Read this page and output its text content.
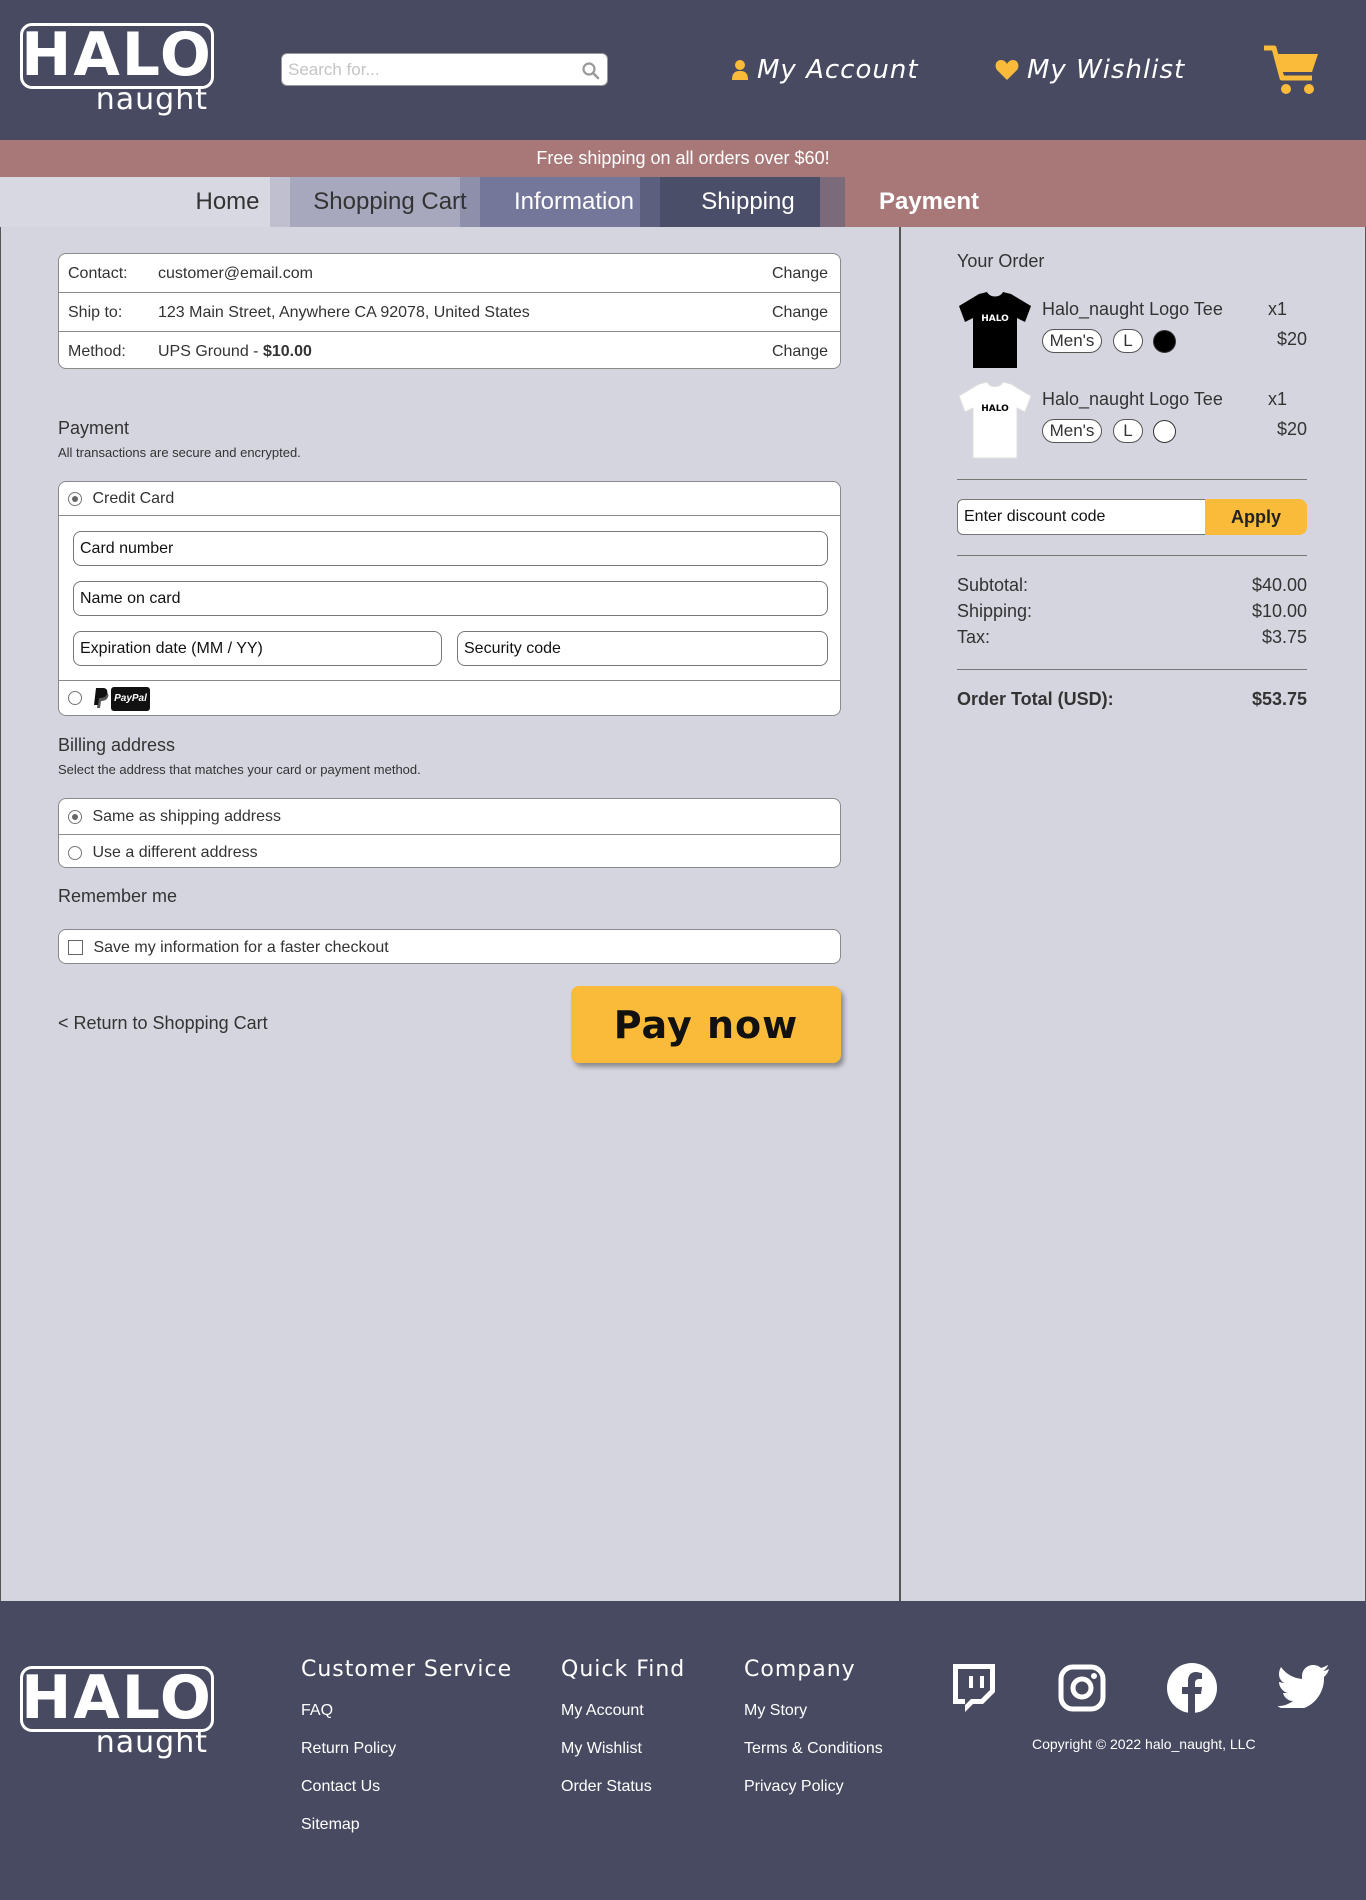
HALO
naught
Search for...
My Account	My Wishlist
Free shipping on all orders over $60!
Home	Shopping Cart	Information	Shipping	Payment
Contact: customer@email.com	Change
Ship to: 123 Main Street, Anywhere CA 92078, United States	Change
Method: UPS Ground - $10.00	Change
Payment
All transactions are secure and encrypted.
Credit Card
Card number
Name on card
Expiration date (MM / YY)
Security code
PayPal
Billing address
Select the address that matches your card or payment method.
Same as shipping address
Use a different address
Remember me
Save my information for a faster checkout
< Return to Shopping Cart	Pay now
Your Order
HALO Halo_naught Logo Tee	x1
$20
Men's	L
HALO Halo_naught Logo Tee	x1
$20
Men's	L
Enter discount code
Apply
Subtotal:	$40.00
Shipping:	$10.00
Tax:	$3.75
Order Total (USD):	$53.75
HALO
naught
Customer Service
FAQ
Return Policy
Contact Us
Sitemap
Quick Find
My Account
My Wishlist
Order Status
Company
My Story
Terms & Conditions
Privacy Policy
Copyright © 2022 halo_naught, LLC
